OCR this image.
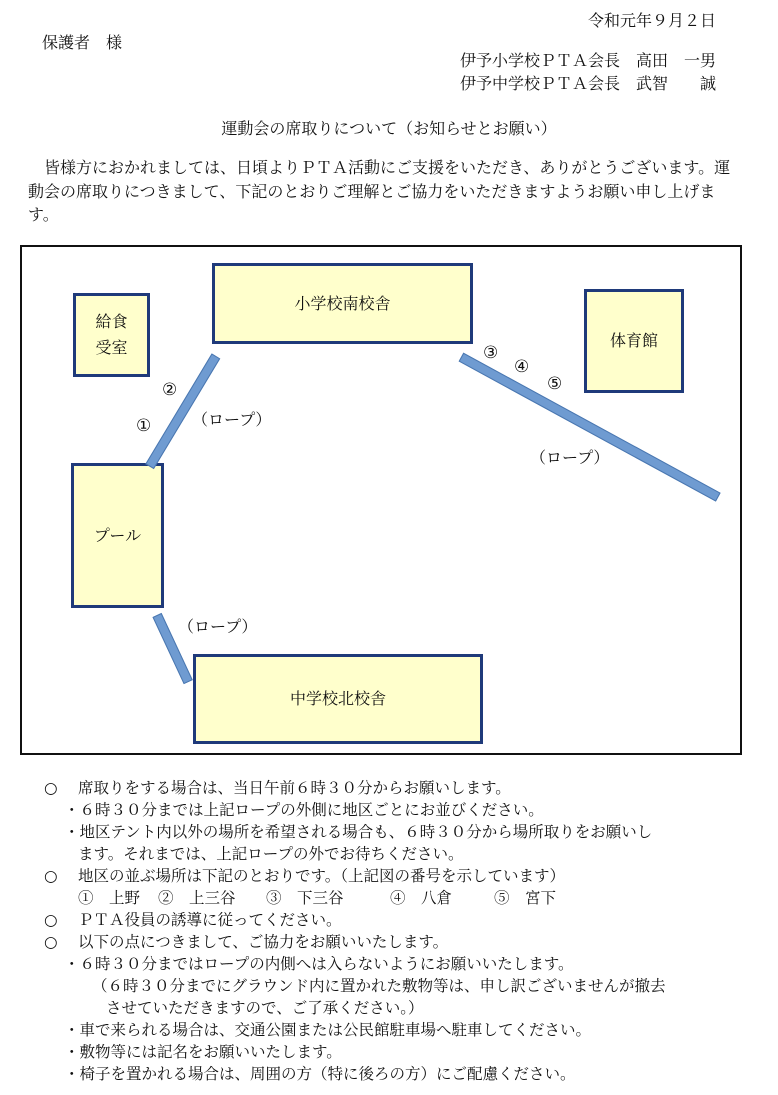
令和元年９月２日
保護者　様
伊予小学校ＰＴＡ会長　高田　一男
伊予中学校ＰＴＡ会長　武智　　誠
運動会の席取りについて（お知らせとお願い）
皆様方におかれましては、日頃よりＰＴＡ活動にご支援をいただき、ありがとうございます。運動会の席取りにつきまして、下記のとおりご理解とご協力をいただきますようお願い申し上げます。
給食
受室
小学校南校舎
体育館
プール
中学校北校舎
（ロープ）
（ロープ）
（ロープ）
①
②
③
④
⑤
○ 席取りをする場合は、当日午前６時３０分からお願いします。
・６時３０分までは上記ロープの外側に地区ごとにお並びください。
・地区テント内以外の場所を希望される場合も、６時３０分から場所取りをお願いし
ます。それまでは、上記ロープの外でお待ちください。
○ 地区の並ぶ場所は下記のとおりです。（上記図の番号を示しています）
①　上野 ②　上三谷 ③　下三谷	④　八倉	⑤　宮下
○ ＰＴＡ役員の誘導に従ってください。
○ 以下の点につきまして、ご協力をお願いいたします。
・６時３０分まではロープの内側へは入らないようにお願いいたします。
（６時３０分までにグラウンド内に置かれた敷物等は、申し訳ございませんが撤去
させていただきますので、ご了承ください。）
・車で来られる場合は、交通公園または公民館駐車場へ駐車してください。
・敷物等には記名をお願いいたします。
・椅子を置かれる場合は、周囲の方（特に後ろの方）にご配慮ください。
